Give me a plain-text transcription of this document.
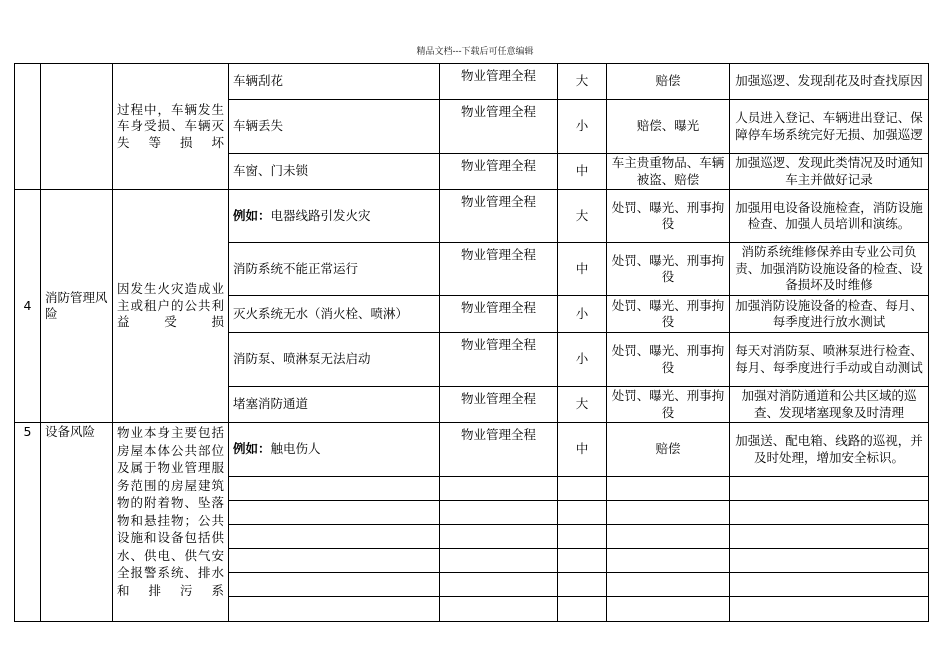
精品文档---下载后可任意编辑
		过程中，车辆发生车身受损、车辆灭失等损坏	车辆刮花	物业管理全程	大	赔偿	加强巡逻、发现刮花及时查找原因
			车辆丢失	物业管理全程	小	赔偿、曝光	人员进入登记、车辆进出登记、保障停车场系统完好无损、加强巡逻
			车窗、门未锁	物业管理全程	中	车主贵重物品、车辆被盗、赔偿	加强巡逻、发现此类情况及时通知车主并做好记录
4	消防管理风险	因发生火灾造成业主或租户的公共利益受损	例如：电器线路引发火灾	物业管理全程	大	处罚、曝光、刑事拘役	加强用电设备设施检查，消防设施检查、加强人员培训和演练。
			消防系统不能正常运行	物业管理全程	中	处罚、曝光、刑事拘役	消防系统维修保养由专业公司负责、加强消防设施设备的检查、设备损坏及时维修
			灭火系统无水（消火栓、喷淋）	物业管理全程	小	处罚、曝光、刑事拘役	加强消防设施设备的检查、每月、每季度进行放水测试
			消防泵、喷淋泵无法启动	物业管理全程	小	处罚、曝光、刑事拘役	每天对消防泵、喷淋泵进行检查、每月、每季度进行手动或自动测试
			堵塞消防通道	物业管理全程	大	处罚、曝光、刑事拘役	加强对消防通道和公共区域的巡查、发现堵塞现象及时清理
5	设备风险	物业本身主要包括房屋本体公共部位及属于物业管理服务范围的房屋建筑物的附着物、坠落物和悬挂物；公共设施和设备包括供水、供电、供气安全报警系统、排水和排污系	例如：触电伤人	物业管理全程	中	赔偿	加强送、配电箱、线路的巡视，并及时处理，增加安全标识。
